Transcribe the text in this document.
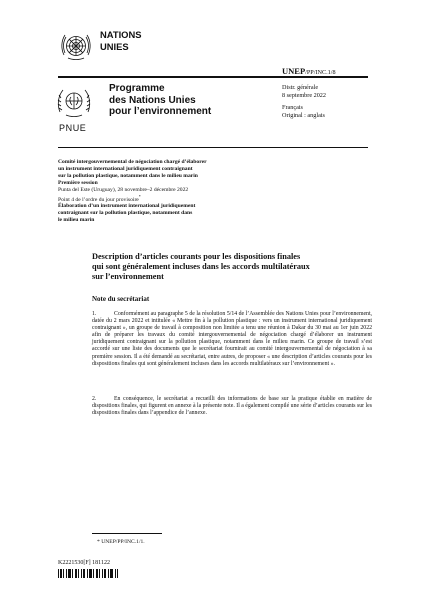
NATIONS
UNIES
UNEP/PP/INC.1/8
PNUE
Programme
des Nations Unies
pour l’environnement
Distr. générale
8 septembre 2022
Français
Original : anglais
Comité intergouvernemental de négociation chargé d’élaborer
un instrument international juridiquement contraignant
sur la pollution plastique, notamment dans le milieu marin
Première session
Punta del Este (Uruguay), 28 novembre–2 décembre 2022
Point 4 de l’ordre du jour provisoire*
Élaboration d’un instrument international juridiquement
contraignant sur la pollution plastique, notamment dans
le milieu marin
Description d’articles courants pour les dispositions finales
qui sont généralement incluses dans les accords multilatéraux
sur l’environnement
Note du secrétariat
1.	Conformément au paragraphe 5 de la résolution 5/14 de l’Assemblée des Nations Unies pour l’environnement, datée du 2 mars 2022 et intitulée « Mettre fin à la pollution plastique : vers un instrument international juridiquement contraignant », un groupe de travail à composition non limitée a tenu une réunion à Dakar du 30 mai au 1er juin 2022 afin de préparer les travaux du comité intergouvernemental de négociation chargé d’élaborer un instrument juridiquement contraignant sur la pollution plastique, notamment dans le milieu marin. Ce groupe de travail s’est accordé sur une liste des documents que le secrétariat fournirait au comité intergouvernemental de négociation à sa première session. Il a été demandé au secrétariat, entre autres, de proposer « une description d’articles courants pour les dispositions finales qui sont généralement incluses dans les accords multilatéraux sur l’environnement ».
2.	En conséquence, le secrétariat a recueilli des informations de base sur la pratique établie en matière de dispositions finales, qui figurent en annexe à la présente note. Il a également compilé une série d’articles courants sur les dispositions finales dans l’appendice de l’annexe.
* UNEP/PP/INC.1/1.
K2221530[F] 181122
